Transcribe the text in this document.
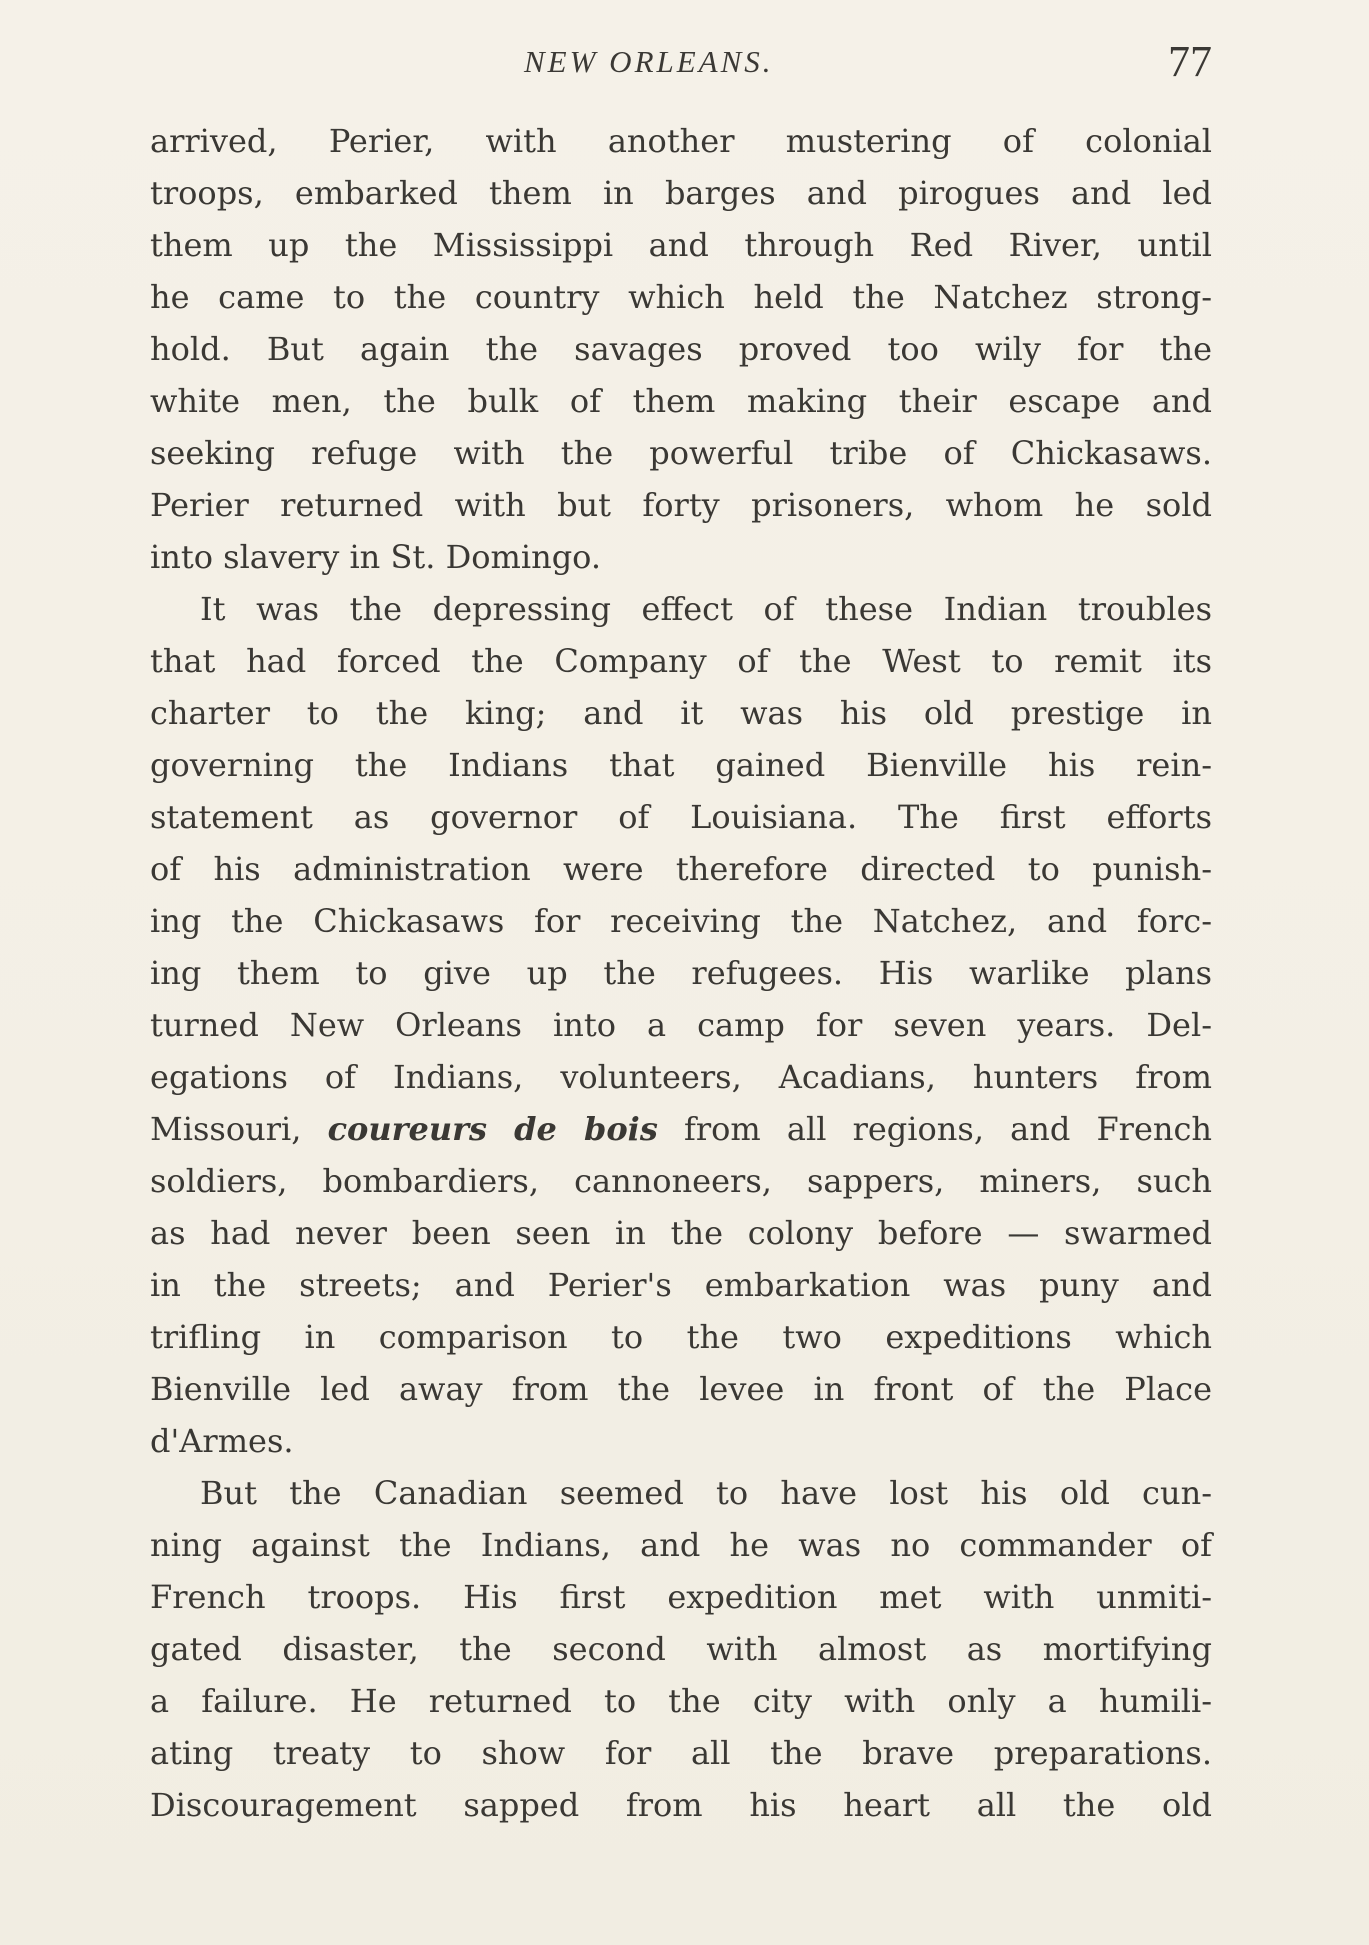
NEW ORLEANS.	77
arrived, Perier, with another mustering of colonial
troops, embarked them in barges and pirogues and led
them up the Mississippi and through Red River, until
he came to the country which held the Natchez strong-
hold. But again the savages proved too wily for the
white men, the bulk of them making their escape and
seeking refuge with the powerful tribe of Chickasaws.
Perier returned with but forty prisoners, whom he sold
into slavery in St. Domingo.
It was the depressing effect of these Indian troubles
that had forced the Company of the West to remit its
charter to the king; and it was his old prestige in
governing the Indians that gained Bienville his rein-
statement as governor of Louisiana. The first efforts
of his administration were therefore directed to punish-
ing the Chickasaws for receiving the Natchez, and forc-
ing them to give up the refugees. His warlike plans
turned New Orleans into a camp for seven years. Del-
egations of Indians, volunteers, Acadians, hunters from
Missouri, coureurs de bois from all regions, and French
soldiers, bombardiers, cannoneers, sappers, miners, such
as had never been seen in the colony before — swarmed
in the streets; and Perier's embarkation was puny and
trifling in comparison to the two expeditions which
Bienville led away from the levee in front of the Place
d'Armes.
But the Canadian seemed to have lost his old cun-
ning against the Indians, and he was no commander of
French troops. His first expedition met with unmiti-
gated disaster, the second with almost as mortifying
a failure. He returned to the city with only a humili-
ating treaty to show for all the brave preparations.
Discouragement sapped from his heart all the old
